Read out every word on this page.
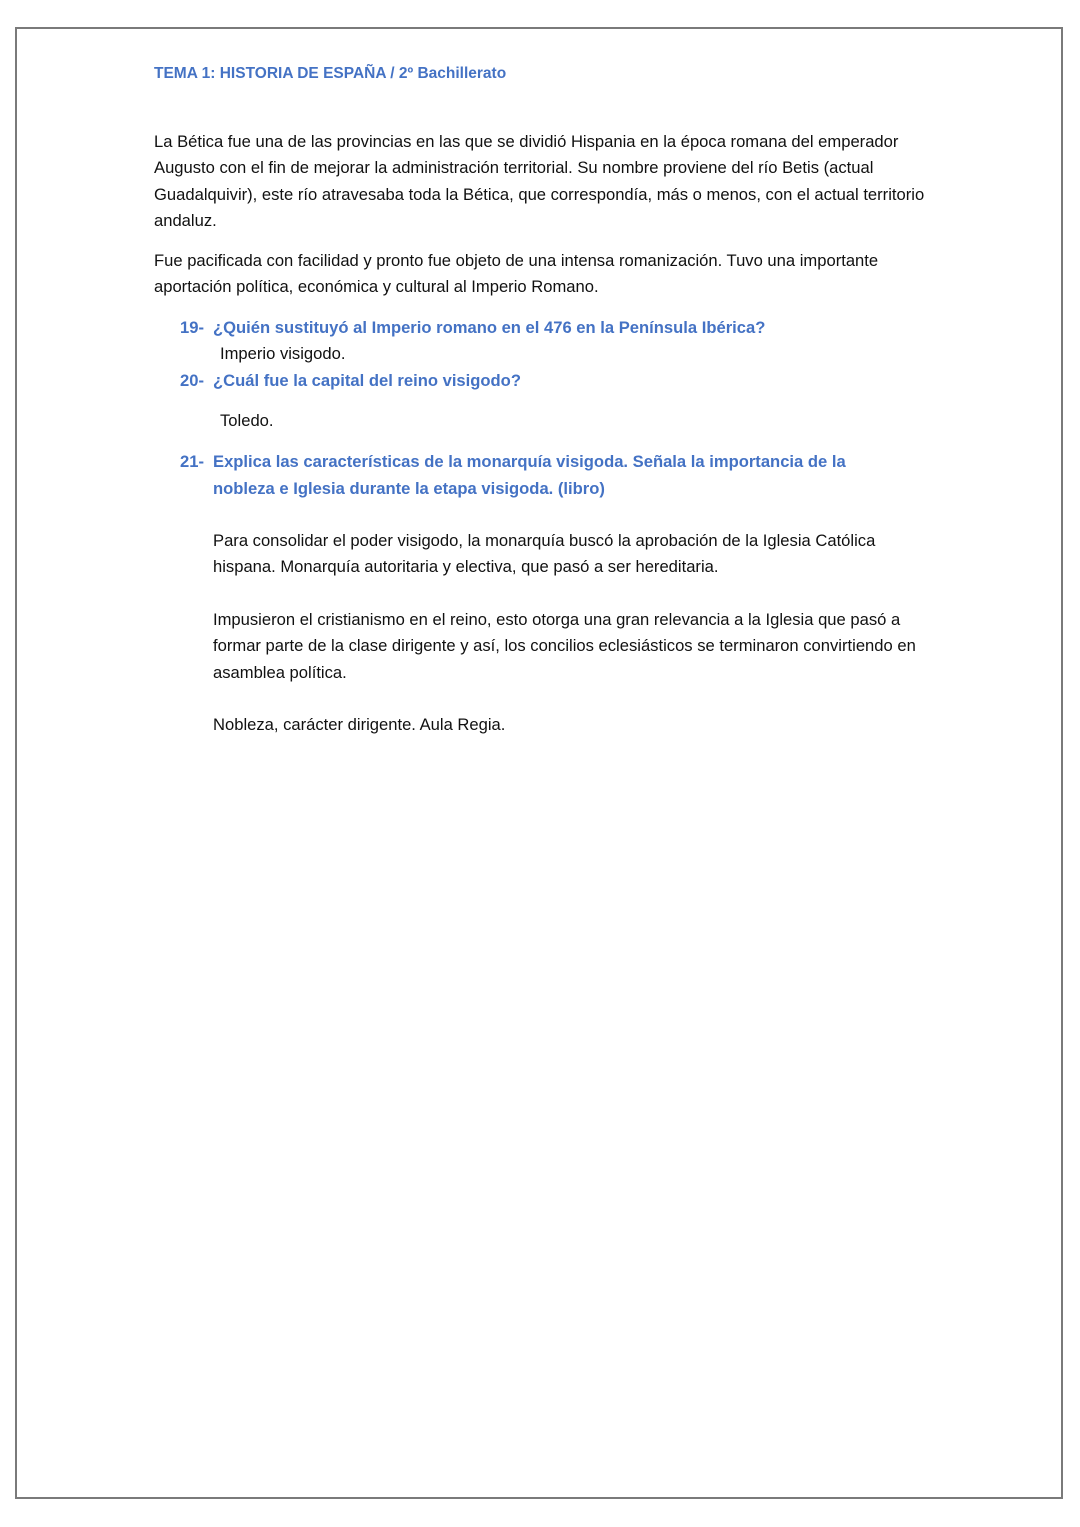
TEMA 1: HISTORIA DE ESPAÑA / 2º Bachillerato

La Bética fue una de las provincias en las que se dividió Hispania en la época romana del emperador Augusto con el fin de mejorar la administración territorial. Su nombre proviene del río Betis (actual Guadalquivir), este río atravesaba toda la Bética, que correspondía, más o menos, con el actual territorio andaluz.

Fue pacificada con facilidad y pronto fue objeto de una intensa romanización. Tuvo una importante aportación política, económica y cultural al Imperio Romano.

19- ¿Quién sustituyó al Imperio romano en el 476 en la Península Ibérica?
Imperio visigodo.
20- ¿Cuál fue la capital del reino visigodo?
Toledo.
21- Explica las características de la monarquía visigoda. Señala la importancia de la nobleza e Iglesia durante la etapa visigoda. (libro)

Para consolidar el poder visigodo, la monarquía buscó la aprobación de la Iglesia Católica hispana. Monarquía autoritaria y electiva, que pasó a ser hereditaria.

Impusieron el cristianismo en el reino, esto otorga una gran relevancia a la Iglesia que pasó a formar parte de la clase dirigente y así, los concilios eclesiásticos se terminaron convirtiendo en asamblea política.

Nobleza, carácter dirigente. Aula Regia.
